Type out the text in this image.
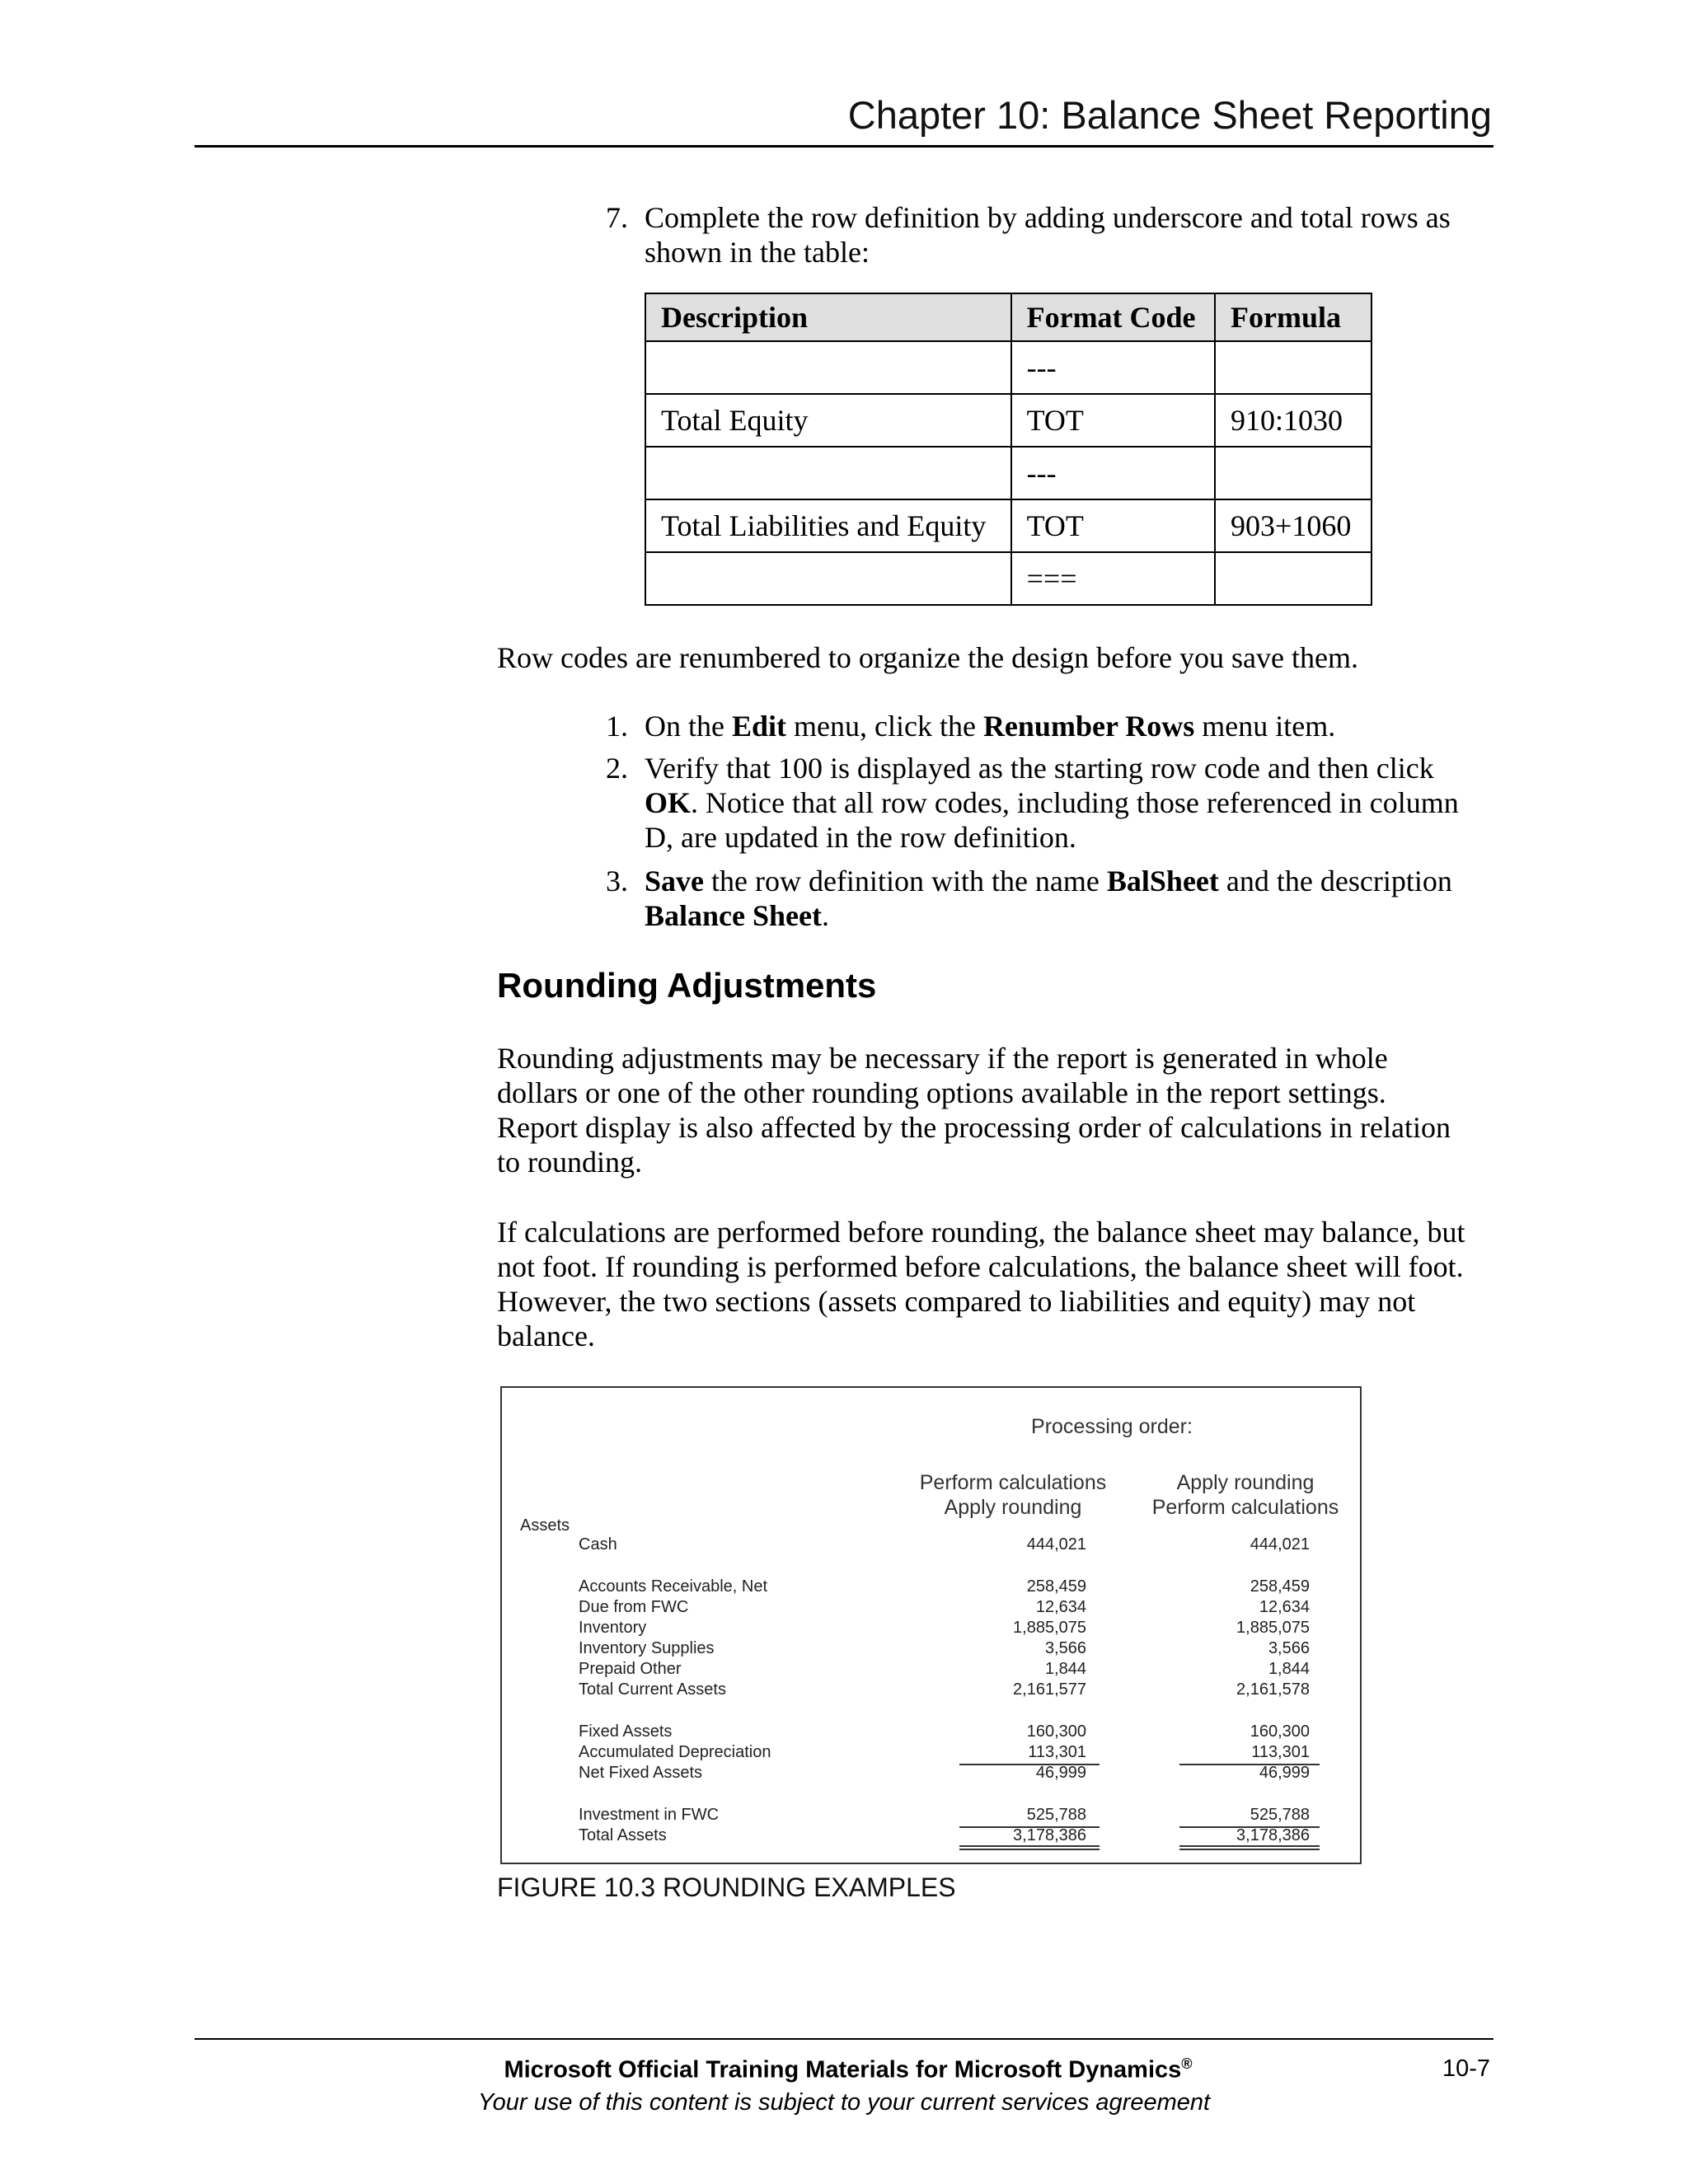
Chapter 10: Balance Sheet Reporting
7. Complete the row definition by adding underscore and total rows as
shown in the table:
Description	Format Code	Formula
	---	
Total Equity	TOT	910:1030
	---	
Total Liabilities and Equity	TOT	903+1060
	===	
Row codes are renumbered to organize the design before you save them.
1. On the Edit menu, click the Renumber Rows menu item.
2. Verify that 100 is displayed as the starting row code and then click
OK. Notice that all row codes, including those referenced in column
D, are updated in the row definition.
3. Save the row definition with the name BalSheet and the description
Balance Sheet.
Rounding Adjustments
Rounding adjustments may be necessary if the report is generated in whole
dollars or one of the other rounding options available in the report settings.
Report display is also affected by the processing order of calculations in relation
to rounding.
If calculations are performed before rounding, the balance sheet may balance, but
not foot. If rounding is performed before calculations, the balance sheet will foot.
However, the two sections (assets compared to liabilities and equity) may not
balance.
Processing order:
Perform calculations
Apply rounding
Apply rounding
Perform calculations
Assets
Cash	444,021	444,021
Accounts Receivable, Net	258,459	258,459
Due from FWC	12,634	12,634
Inventory	1,885,075	1,885,075
Inventory Supplies	3,566	3,566
Prepaid Other	1,844	1,844
Total Current Assets	2,161,577	2,161,578
Fixed Assets	160,300	160,300
Accumulated Depreciation	113,301	113,301
Net Fixed Assets	46,999	46,999
Investment in FWC	525,788	525,788
Total Assets	3,178,386	3,178,386
FIGURE 10.3 ROUNDING EXAMPLES
Microsoft Official Training Materials for Microsoft Dynamics®
Your use of this content is subject to your current services agreement
10-7
